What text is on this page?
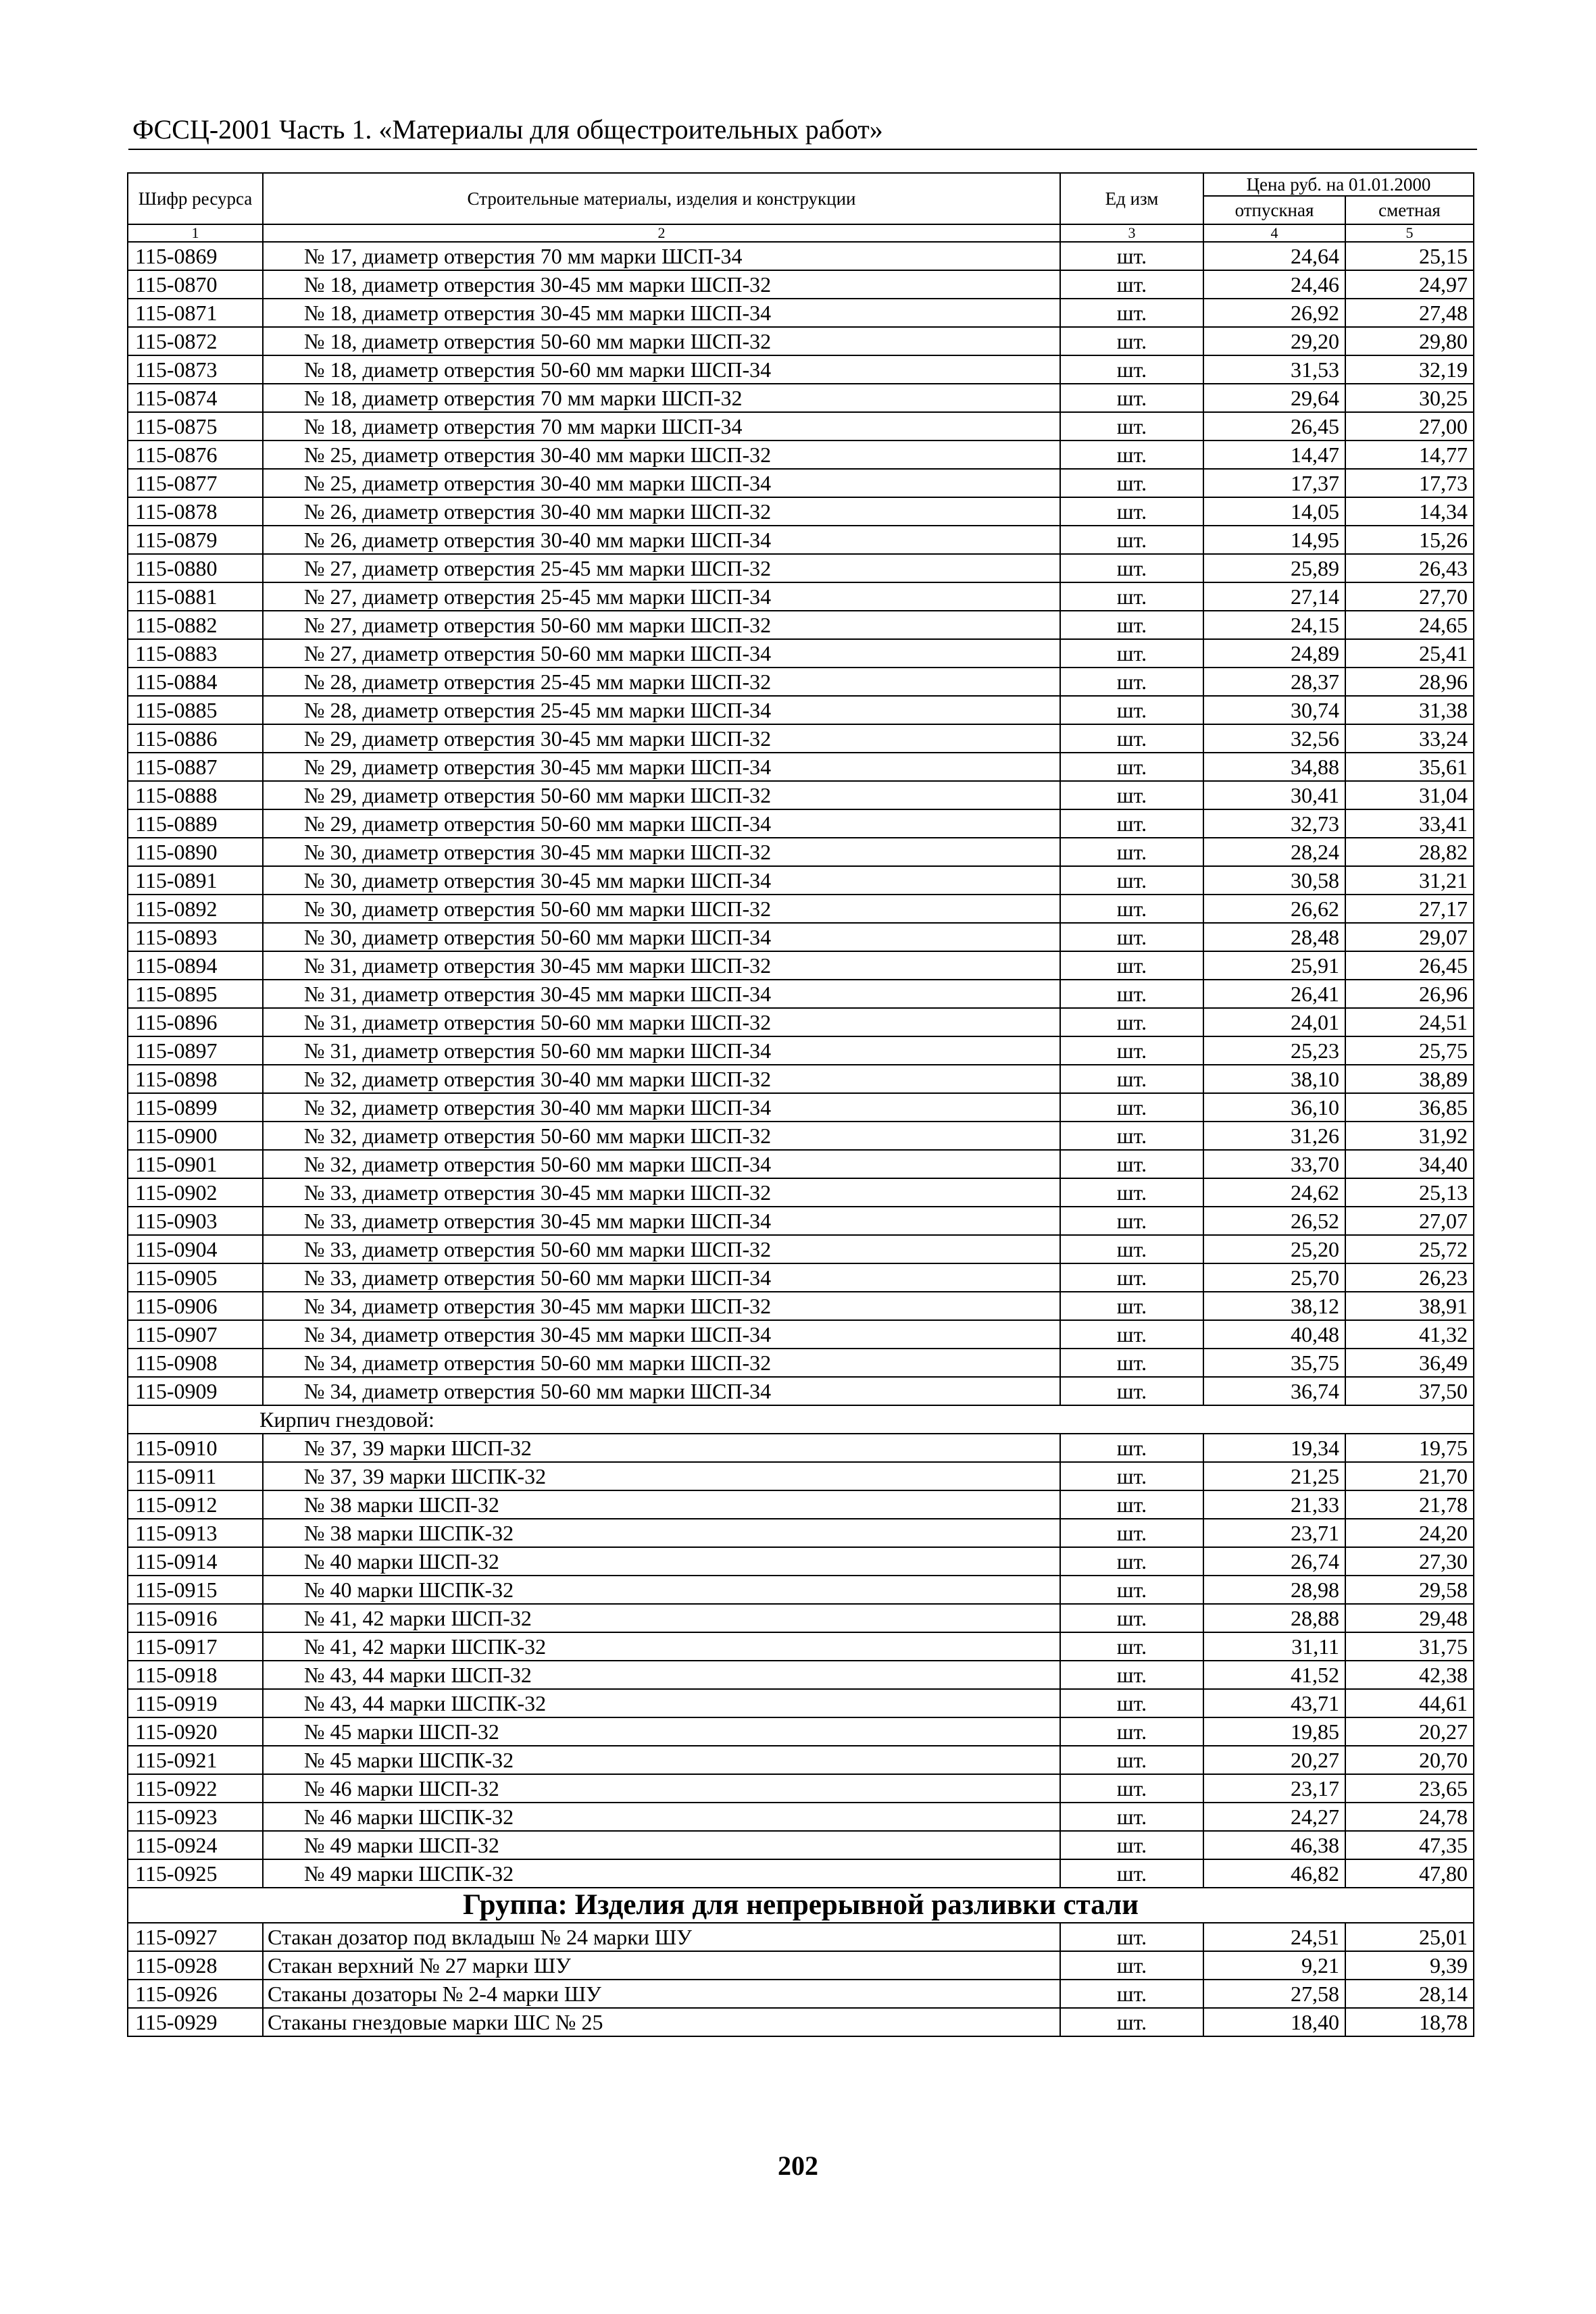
ФССЦ-2001 Часть 1. «Материалы для общестроительных работ»
Шифр ресурса	Строительные материалы, изделия и конструкции	Ед изм	Цена руб. на 01.01.2000	
			отпускная	сметная
1	2	3	4	5
115-0869	№ 17, диаметр отверстия 70 мм марки ШСП-34	шт.	24,64	25,15
115-0870	№ 18, диаметр отверстия 30-45 мм марки ШСП-32	шт.	24,46	24,97
115-0871	№ 18, диаметр отверстия 30-45 мм марки ШСП-34	шт.	26,92	27,48
115-0872	№ 18, диаметр отверстия 50-60 мм марки ШСП-32	шт.	29,20	29,80
115-0873	№ 18, диаметр отверстия 50-60 мм марки ШСП-34	шт.	31,53	32,19
115-0874	№ 18, диаметр отверстия 70 мм марки ШСП-32	шт.	29,64	30,25
115-0875	№ 18, диаметр отверстия 70 мм марки ШСП-34	шт.	26,45	27,00
115-0876	№ 25, диаметр отверстия 30-40 мм марки ШСП-32	шт.	14,47	14,77
115-0877	№ 25, диаметр отверстия 30-40 мм марки ШСП-34	шт.	17,37	17,73
115-0878	№ 26, диаметр отверстия 30-40 мм марки ШСП-32	шт.	14,05	14,34
115-0879	№ 26, диаметр отверстия 30-40 мм марки ШСП-34	шт.	14,95	15,26
115-0880	№ 27, диаметр отверстия 25-45 мм марки ШСП-32	шт.	25,89	26,43
115-0881	№ 27, диаметр отверстия 25-45 мм марки ШСП-34	шт.	27,14	27,70
115-0882	№ 27, диаметр отверстия 50-60 мм марки ШСП-32	шт.	24,15	24,65
115-0883	№ 27, диаметр отверстия 50-60 мм марки ШСП-34	шт.	24,89	25,41
115-0884	№ 28, диаметр отверстия 25-45 мм марки ШСП-32	шт.	28,37	28,96
115-0885	№ 28, диаметр отверстия 25-45 мм марки ШСП-34	шт.	30,74	31,38
115-0886	№ 29, диаметр отверстия 30-45 мм марки ШСП-32	шт.	32,56	33,24
115-0887	№ 29, диаметр отверстия 30-45 мм марки ШСП-34	шт.	34,88	35,61
115-0888	№ 29, диаметр отверстия 50-60 мм марки ШСП-32	шт.	30,41	31,04
115-0889	№ 29, диаметр отверстия 50-60 мм марки ШСП-34	шт.	32,73	33,41
115-0890	№ 30, диаметр отверстия 30-45 мм марки ШСП-32	шт.	28,24	28,82
115-0891	№ 30, диаметр отверстия 30-45 мм марки ШСП-34	шт.	30,58	31,21
115-0892	№ 30, диаметр отверстия 50-60 мм марки ШСП-32	шт.	26,62	27,17
115-0893	№ 30, диаметр отверстия 50-60 мм марки ШСП-34	шт.	28,48	29,07
115-0894	№ 31, диаметр отверстия 30-45 мм марки ШСП-32	шт.	25,91	26,45
115-0895	№ 31, диаметр отверстия 30-45 мм марки ШСП-34	шт.	26,41	26,96
115-0896	№ 31, диаметр отверстия 50-60 мм марки ШСП-32	шт.	24,01	24,51
115-0897	№ 31, диаметр отверстия 50-60 мм марки ШСП-34	шт.	25,23	25,75
115-0898	№ 32, диаметр отверстия 30-40 мм марки ШСП-32	шт.	38,10	38,89
115-0899	№ 32, диаметр отверстия 30-40 мм марки ШСП-34	шт.	36,10	36,85
115-0900	№ 32, диаметр отверстия 50-60 мм марки ШСП-32	шт.	31,26	31,92
115-0901	№ 32, диаметр отверстия 50-60 мм марки ШСП-34	шт.	33,70	34,40
115-0902	№ 33, диаметр отверстия 30-45 мм марки ШСП-32	шт.	24,62	25,13
115-0903	№ 33, диаметр отверстия 30-45 мм марки ШСП-34	шт.	26,52	27,07
115-0904	№ 33, диаметр отверстия 50-60 мм марки ШСП-32	шт.	25,20	25,72
115-0905	№ 33, диаметр отверстия 50-60 мм марки ШСП-34	шт.	25,70	26,23
115-0906	№ 34, диаметр отверстия 30-45 мм марки ШСП-32	шт.	38,12	38,91
115-0907	№ 34, диаметр отверстия 30-45 мм марки ШСП-34	шт.	40,48	41,32
115-0908	№ 34, диаметр отверстия 50-60 мм марки ШСП-32	шт.	35,75	36,49
115-0909	№ 34, диаметр отверстия 50-60 мм марки ШСП-34	шт.	36,74	37,50
Кирпич гнездовой:				
115-0910	№ 37, 39 марки ШСП-32	шт.	19,34	19,75
115-0911	№ 37, 39 марки ШСПК-32	шт.	21,25	21,70
115-0912	№ 38 марки ШСП-32	шт.	21,33	21,78
115-0913	№ 38 марки ШСПК-32	шт.	23,71	24,20
115-0914	№ 40 марки ШСП-32	шт.	26,74	27,30
115-0915	№ 40 марки ШСПК-32	шт.	28,98	29,58
115-0916	№ 41, 42 марки ШСП-32	шт.	28,88	29,48
115-0917	№ 41, 42 марки ШСПК-32	шт.	31,11	31,75
115-0918	№ 43, 44 марки ШСП-32	шт.	41,52	42,38
115-0919	№ 43, 44 марки ШСПК-32	шт.	43,71	44,61
115-0920	№ 45 марки ШСП-32	шт.	19,85	20,27
115-0921	№ 45 марки ШСПК-32	шт.	20,27	20,70
115-0922	№ 46 марки ШСП-32	шт.	23,17	23,65
115-0923	№ 46 марки ШСПК-32	шт.	24,27	24,78
115-0924	№ 49 марки ШСП-32	шт.	46,38	47,35
115-0925	№ 49 марки ШСПК-32	шт.	46,82	47,80
Группа: Изделия для непрерывной разливки стали				
115-0927	Стакан дозатор под вкладыш № 24 марки ШУ	шт.	24,51	25,01
115-0928	Стакан верхний № 27 марки ШУ	шт.	9,21	9,39
115-0926	Стаканы дозаторы № 2-4 марки ШУ	шт.	27,58	28,14
115-0929	Стаканы гнездовые марки ШС № 25	шт.	18,40	18,78
202
